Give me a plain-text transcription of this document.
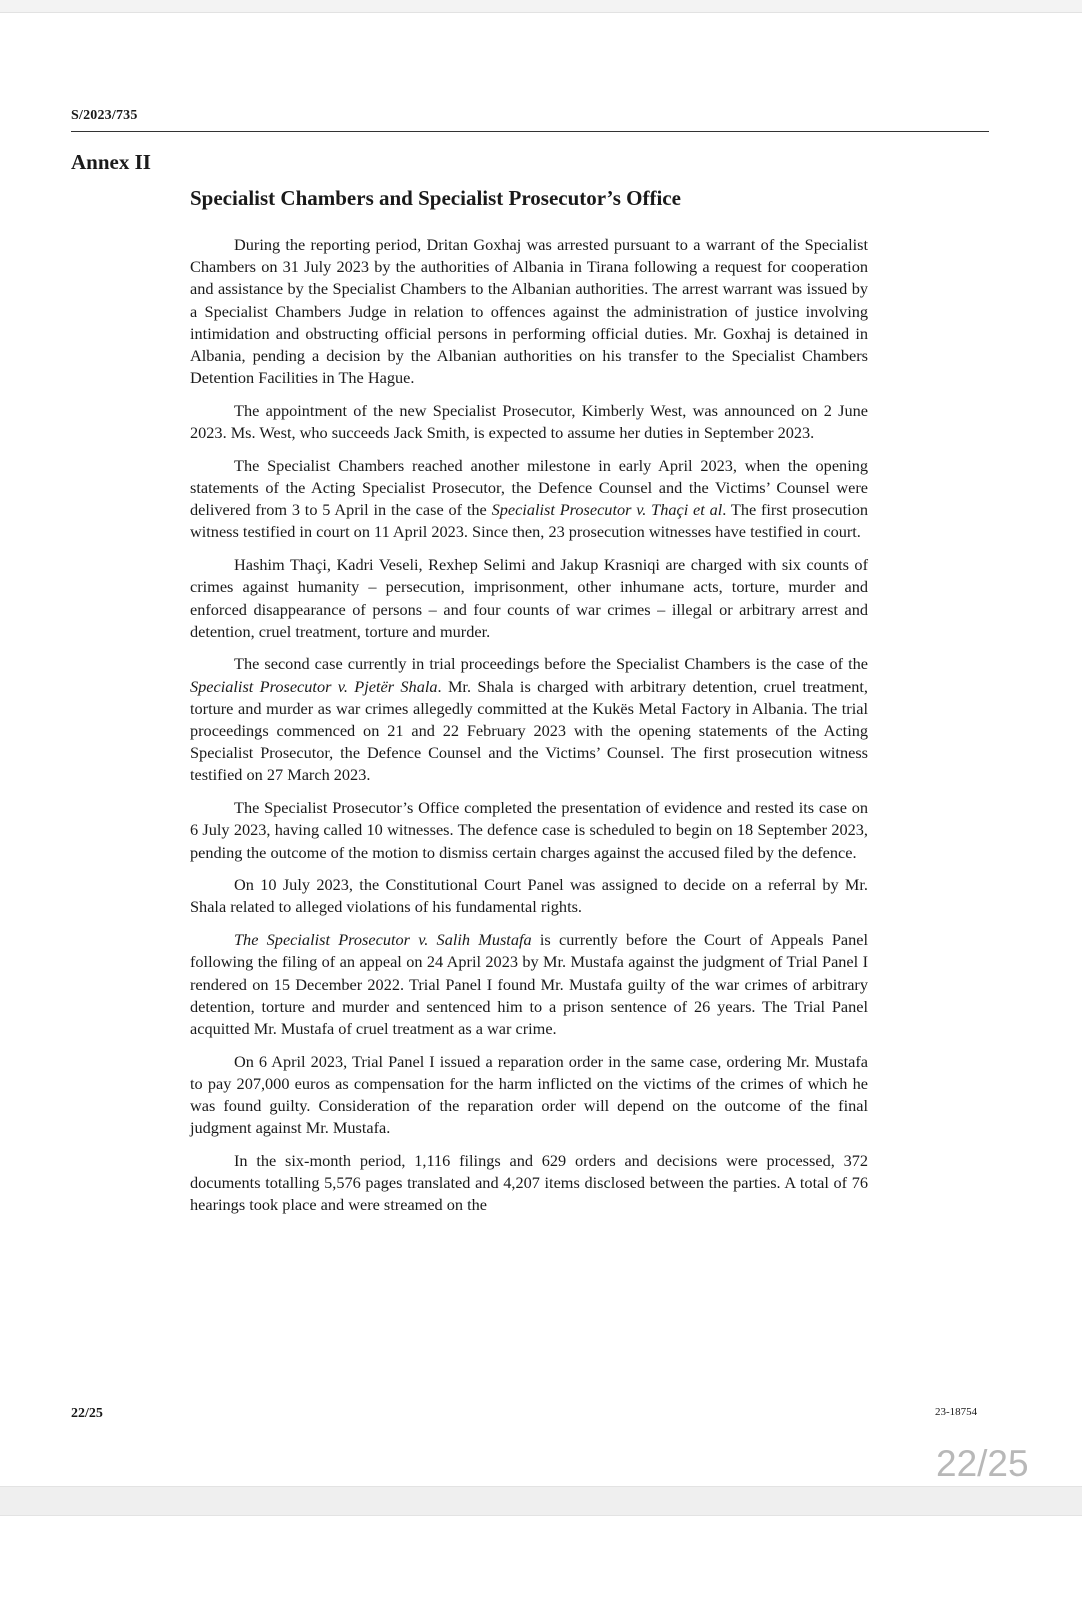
S/2023/735
Annex II
Specialist Chambers and Specialist Prosecutor’s Office

During the reporting period, Dritan Goxhaj was arrested pursuant to a warrant of the Specialist Chambers on 31 July 2023 by the authorities of Albania in Tirana following a request for cooperation and assistance by the Specialist Chambers to the Albanian authorities. The arrest warrant was issued by a Specialist Chambers Judge in relation to offences against the administration of justice involving intimidation and obstructing official persons in performing official duties. Mr. Goxhaj is detained in Albania, pending a decision by the Albanian authorities on his transfer to the Specialist Chambers Detention Facilities in The Hague.

The appointment of the new Specialist Prosecutor, Kimberly West, was announced on 2 June 2023. Ms. West, who succeeds Jack Smith, is expected to assume her duties in September 2023.

The Specialist Chambers reached another milestone in early April 2023, when the opening statements of the Acting Specialist Prosecutor, the Defence Counsel and the Victims’ Counsel were delivered from 3 to 5 April in the case of the Specialist Prosecutor v. Thaçi et al. The first prosecution witness testified in court on 11 April 2023. Since then, 23 prosecution witnesses have testified in court.

Hashim Thaçi, Kadri Veseli, Rexhep Selimi and Jakup Krasniqi are charged with six counts of crimes against humanity – persecution, imprisonment, other inhumane acts, torture, murder and enforced disappearance of persons – and four counts of war crimes – illegal or arbitrary arrest and detention, cruel treatment, torture and murder.

The second case currently in trial proceedings before the Specialist Chambers is the case of the Specialist Prosecutor v. Pjetër Shala. Mr. Shala is charged with arbitrary detention, cruel treatment, torture and murder as war crimes allegedly committed at the Kukës Metal Factory in Albania. The trial proceedings commenced on 21 and 22 February 2023 with the opening statements of the Acting Specialist Prosecutor, the Defence Counsel and the Victims’ Counsel. The first prosecution witness testified on 27 March 2023.

The Specialist Prosecutor’s Office completed the presentation of evidence and rested its case on 6 July 2023, having called 10 witnesses. The defence case is scheduled to begin on 18 September 2023, pending the outcome of the motion to dismiss certain charges against the accused filed by the defence.

On 10 July 2023, the Constitutional Court Panel was assigned to decide on a referral by Mr. Shala related to alleged violations of his fundamental rights.

The Specialist Prosecutor v. Salih Mustafa is currently before the Court of Appeals Panel following the filing of an appeal on 24 April 2023 by Mr. Mustafa against the judgment of Trial Panel I rendered on 15 December 2022. Trial Panel I found Mr. Mustafa guilty of the war crimes of arbitrary detention, torture and murder and sentenced him to a prison sentence of 26 years. The Trial Panel acquitted Mr. Mustafa of cruel treatment as a war crime.

On 6 April 2023, Trial Panel I issued a reparation order in the same case, ordering Mr. Mustafa to pay 207,000 euros as compensation for the harm inflicted on the victims of the crimes of which he was found guilty. Consideration of the reparation order will depend on the outcome of the final judgment against Mr. Mustafa.

In the six-month period, 1,116 filings and 629 orders and decisions were processed, 372 documents totalling 5,576 pages translated and 4,207 items disclosed between the parties. A total of 76 hearings took place and were streamed on the

22/25	23-18754
22/25
